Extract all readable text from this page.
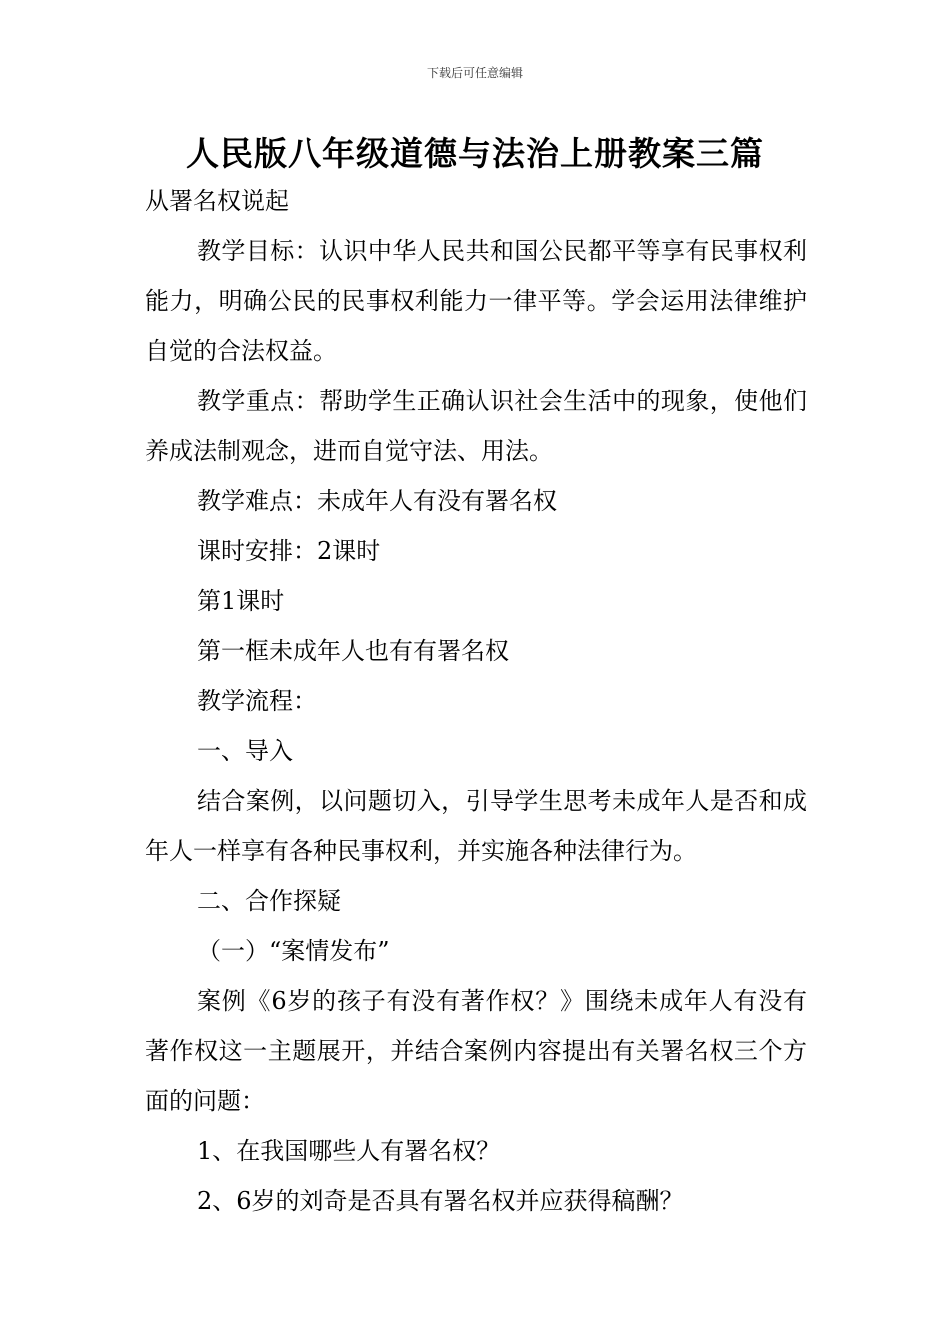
下载后可任意编辑
人民版八年级道德与法治上册教案三篇

从署名权说起

教学目标：认识中华人民共和国公民都平等享有民事权利能力，明确公民的民事权利能力一律平等。学会运用法律维护自觉的合法权益。

教学重点：帮助学生正确认识社会生活中的现象，使他们养成法制观念，进而自觉守法、用法。

教学难点：未成年人有没有署名权

课时安排：2课时

第1课时

第一框未成年人也有有署名权

教学流程：

一、导入

结合案例，以问题切入，引导学生思考未成年人是否和成年人一样享有各种民事权利，并实施各种法律行为。

二、合作探疑

（一）“案情发布”

案例《6岁的孩子有没有著作权？》围绕未成年人有没有著作权这一主题展开，并结合案例内容提出有关署名权三个方面的问题：

1、在我国哪些人有署名权？

2、6岁的刘奇是否具有署名权并应获得稿酬？
